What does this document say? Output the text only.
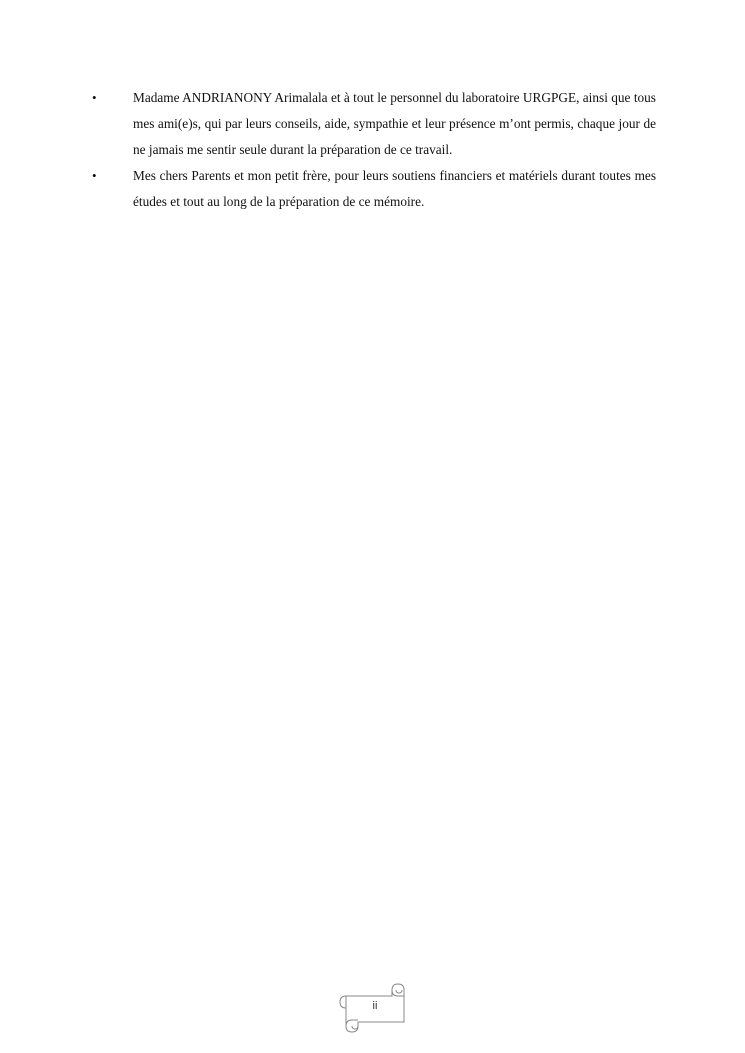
•	Madame ANDRIANONY Arimalala et à tout le personnel du laboratoire URGPGE, ainsi que tous mes ami(e)s, qui par leurs conseils, aide, sympathie et leur présence m’ont permis, chaque jour de ne jamais me sentir seule durant la préparation de ce travail.
•	Mes chers Parents et mon petit frère, pour leurs soutiens financiers et matériels durant toutes mes études et tout au long de la préparation de ce mémoire.
ii
